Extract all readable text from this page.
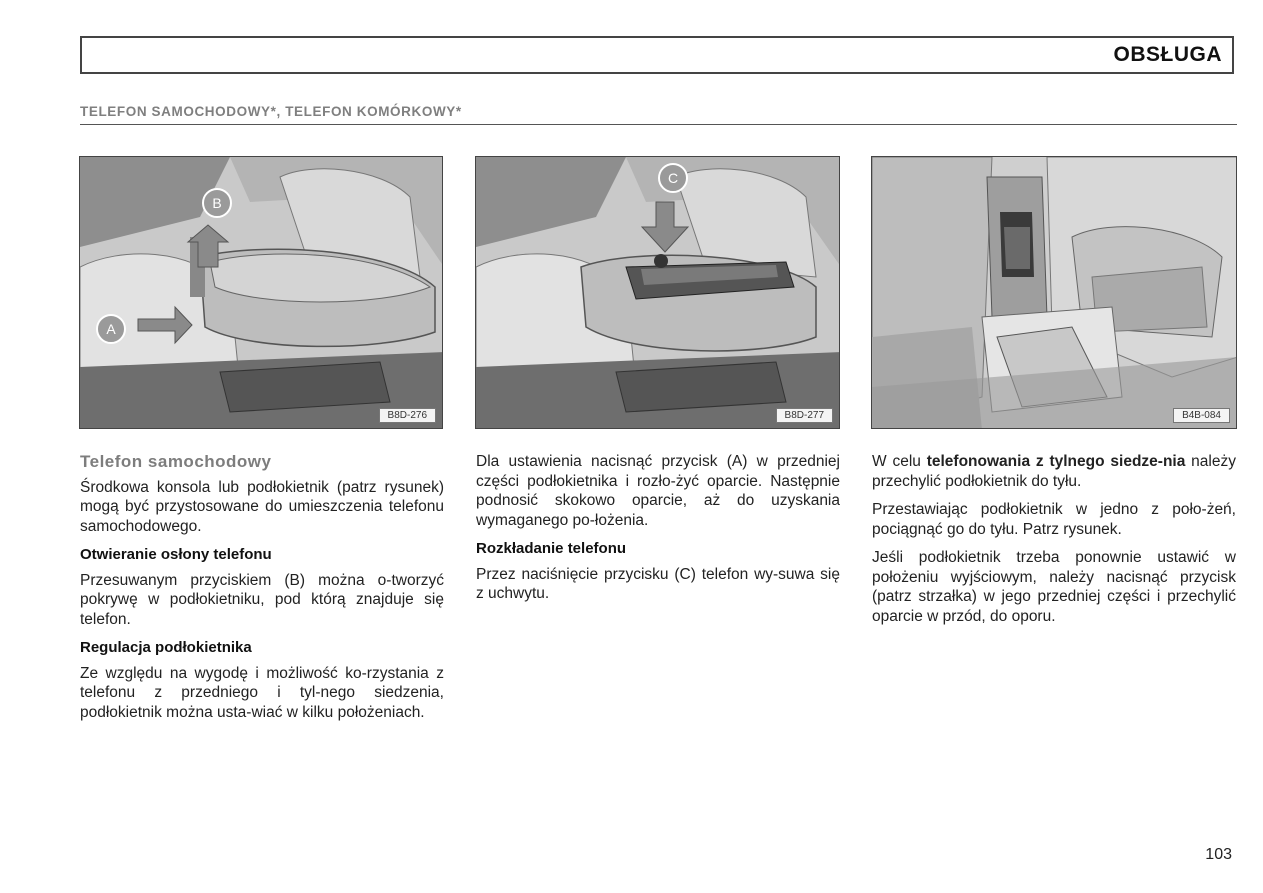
OBSŁUGA
TELEFON SAMOCHODOWY*, TELEFON KOMÓRKOWY*
A
B
B8D-276
C
B8D-277	B4B-084
Telefon samochodowy

Środkowa konsola lub podłokietnik (patrz rysunek) mogą być przystosowane do umieszczenia telefonu samochodowego.

Otwieranie osłony telefonu

Przesuwanym przyciskiem (B) można o-tworzyć pokrywę w podłokietniku, pod którą znajduje się telefon.

Regulacja podłokietnika

Ze względu na wygodę i możliwość ko-rzystania z telefonu z przedniego i tyl-nego siedzenia, podłokietnik można usta-wiać w kilku położeniach.

Dla ustawienia nacisnąć przycisk (A) w przedniej części podłokietnika i rozło-żyć oparcie. Następnie podnosić skokowo oparcie, aż do uzyskania wymaganego po-łożenia.

Rozkładanie telefonu

Przez naciśnięcie przycisku (C) telefon wy-suwa się z uchwytu.

W celu telefonowania z tylnego siedze-nia należy przechylić podłokietnik do tyłu.

Przestawiając podłokietnik w jedno z poło-żeń, pociągnąć go do tyłu. Patrz rysunek.

Jeśli podłokietnik trzeba ponownie ustawić w położeniu wyjściowym, należy nacisnąć przycisk (patrz strzałka) w jego przedniej części i przechylić oparcie w przód, do oporu.

103
